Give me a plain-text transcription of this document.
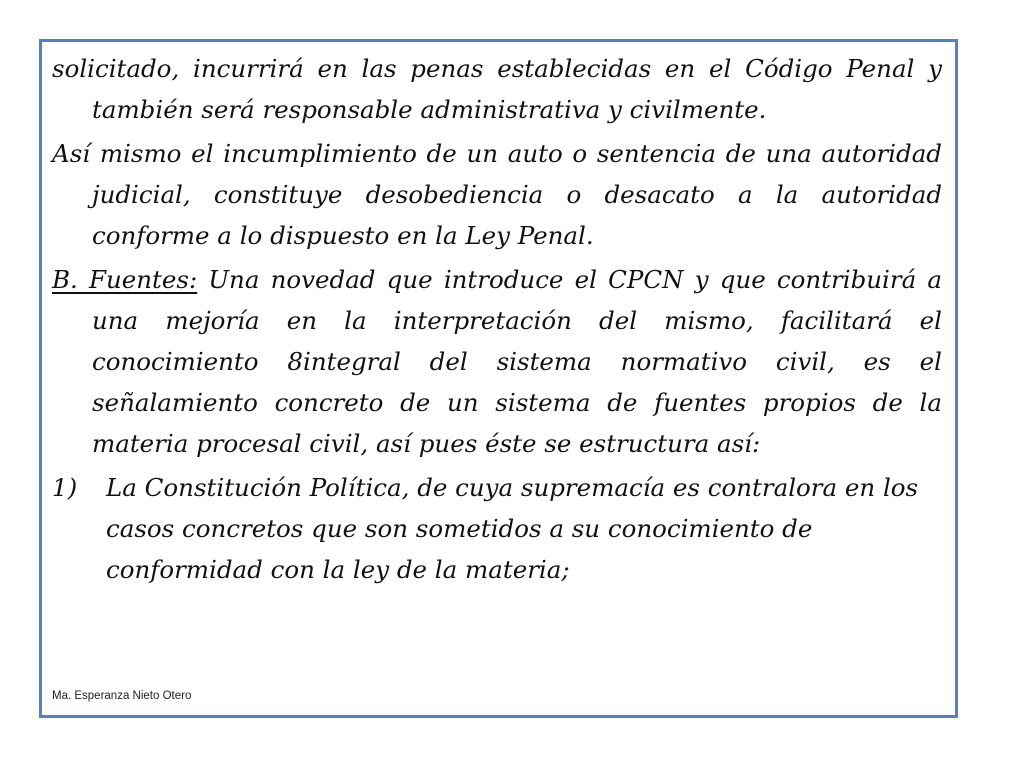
solicitado, incurrirá en las penas establecidas en el Código Penal y también será responsable administrativa y civilmente.

Así mismo el incumplimiento de un auto o sentencia de una autoridad judicial, constituye desobediencia o desacato a la autoridad conforme a lo dispuesto en la Ley Penal.

B. Fuentes: Una novedad que introduce el CPCN y que contribuirá a una mejoría en la interpretación del mismo, facilitará el conocimiento 8integral del sistema normativo civil, es el señalamiento concreto de un sistema de fuentes propios de la materia procesal civil, así pues éste se estructura así:

1)	La Constitución Política, de cuya supremacía es contralora en los casos concretos que son sometidos a su conocimiento de conformidad con la ley de la materia;
Ma. Esperanza Nieto Otero
